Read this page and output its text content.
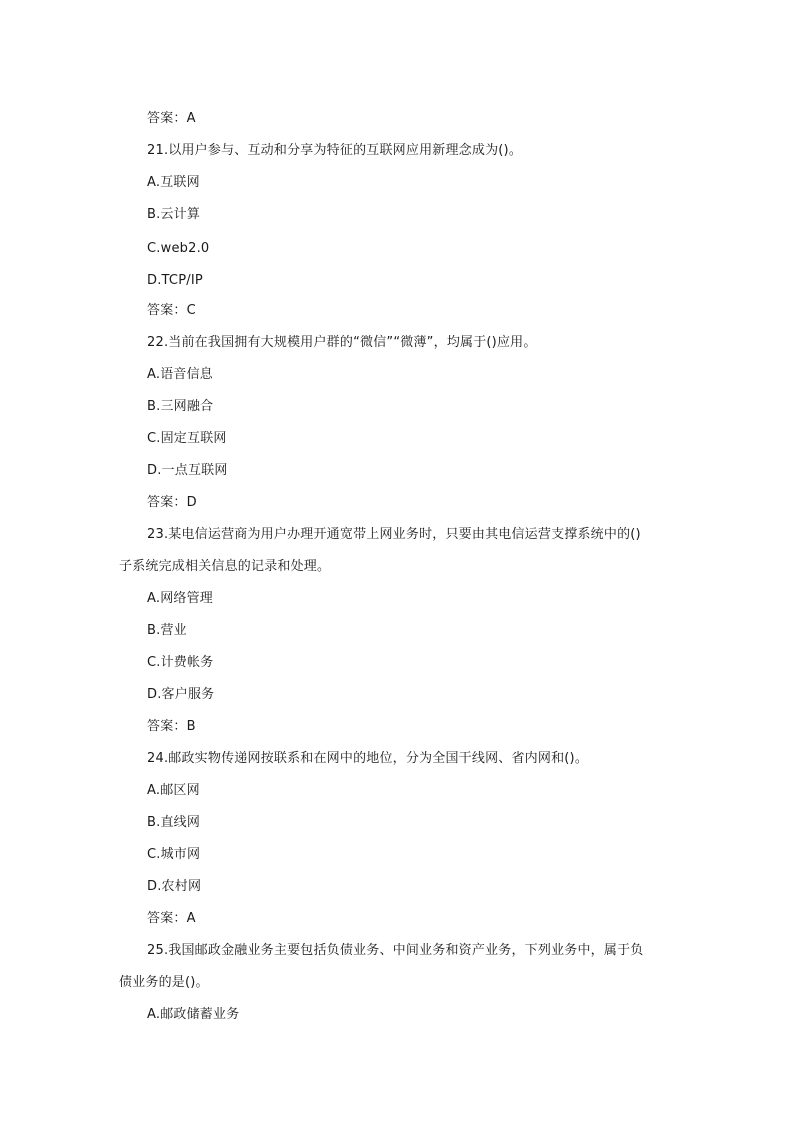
答案：A
21.以用户参与、互动和分享为特征的互联网应用新理念成为()。
A.互联网
B.云计算
C.web2.0
D.TCP/IP
答案：C
22.当前在我国拥有大规模用户群的“微信”“微薄”，均属于()应用。
A.语音信息
B.三网融合
C.固定互联网
D.一点互联网
答案：D
23.某电信运营商为用户办理开通宽带上网业务时，只要由其电信运营支撑系统中的()
子系统完成相关信息的记录和处理。
A.网络管理
B.营业
C.计费帐务
D.客户服务
答案：B
24.邮政实物传递网按联系和在网中的地位，分为全国干线网、省内网和()。
A.邮区网
B.直线网
C.城市网
D.农村网
答案：A
25.我国邮政金融业务主要包括负债业务、中间业务和资产业务，下列业务中，属于负
债业务的是()。
A.邮政储蓄业务
